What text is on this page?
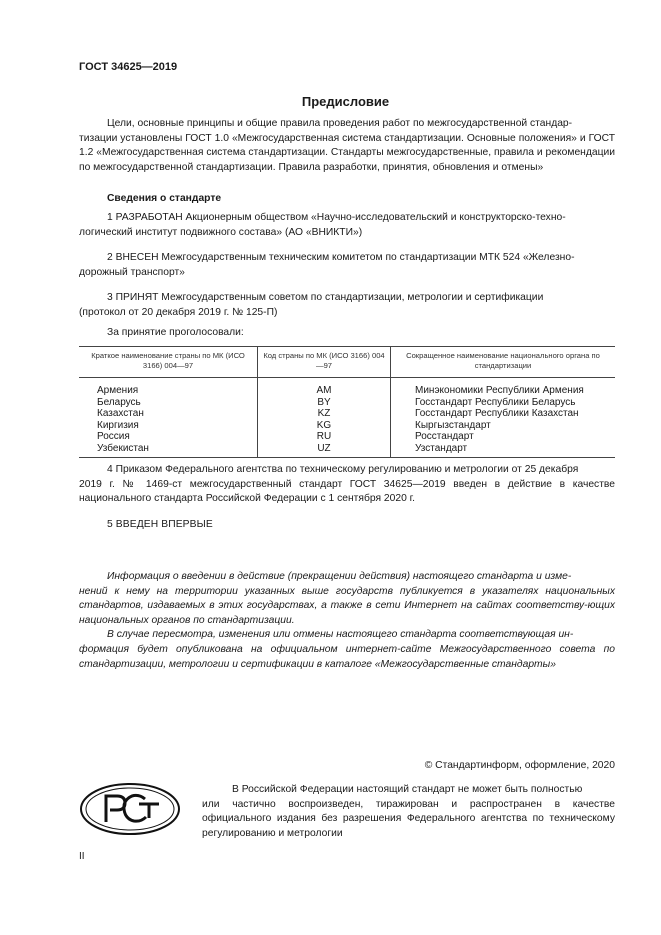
ГОСТ 34625—2019
Предисловие
Цели, основные принципы и общие правила проведения работ по межгосударственной стандар-
тизации установлены ГОСТ 1.0 «Межгосударственная система стандартизации. Основные положения» и ГОСТ 1.2 «Межгосударственная система стандартизации. Стандарты межгосударственные, правила и рекомендации по межгосударственной стандартизации. Правила разработки, принятия, обновления и отмены»
Сведения о стандарте
1 РАЗРАБОТАН Акционерным обществом «Научно-исследовательский и конструкторско-техно-
логический институт подвижного состава» (АО «ВНИКТИ»)
2 ВНЕСЕН Межгосударственным техническим комитетом по стандартизации МТК 524 «Железно-
дорожный транспорт»
3 ПРИНЯТ Межгосударственным советом по стандартизации, метрологии и сертификации
(протокол от 20 декабря 2019 г. № 125-П)
За принятие проголосовали:
Краткое наименование страны по МК (ИСО 3166) 004—97	Код страны по МК (ИСО 3166) 004—97	Сокращенное наименование национального органа по стандартизации
Армения	AM	Минэкономики Республики Армения
Беларусь	BY	Госстандарт Республики Беларусь
Казахстан	KZ	Госстандарт Республики Казахстан
Киргизия	KG	Кыргызстандарт
Россия	RU	Росстандарт
Узбекистан	UZ	Узстандарт
4 Приказом Федерального агентства по техническому регулированию и метрологии от 25 декабря
2019 г. № 1469-ст межгосударственный стандарт ГОСТ 34625—2019 введен в действие в качестве национального стандарта Российской Федерации с 1 сентября 2020 г.
5 ВВЕДЕН ВПЕРВЫЕ

Информация о введении в действие (прекращении действия) настоящего стандарта и изме-

нений к нему на территории указанных выше государств публикуется в указателях национальных стандартов, издаваемых в этих государствах, а также в сети Интернет на сайтах соответству-ющих национальных органов по стандартизации.

В случае пересмотра, изменения или отмены настоящего стандарта соответствующая ин-

формация будет опубликована на официальном интернет-сайте Межгосударственного совета по стандартизации, метрологии и сертификации в каталоге «Межгосударственные стандарты»

© Стандартинформ, оформление, 2020
В Российской Федерации настоящий стандарт не может быть полностью
или частично воспроизведен, тиражирован и распространен в качестве официального издания без разрешения Федерального агентства по техническому регулированию и метрологии
II
